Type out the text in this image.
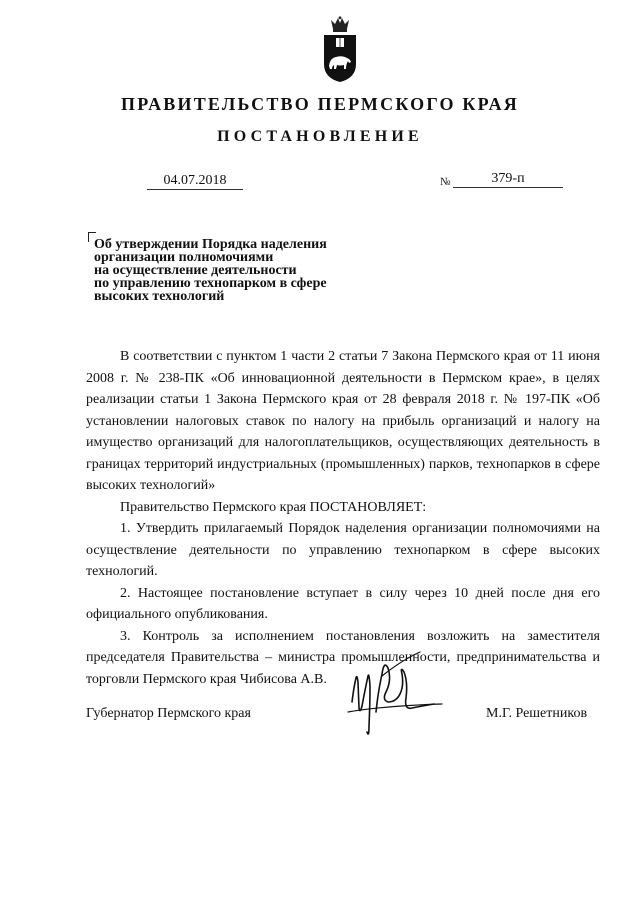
ПРАВИТЕЛЬСТВО ПЕРМСКОГО КРАЯ
ПОСТАНОВЛЕНИЕ
04.07.2018	№	379-п
Об утверждении Порядка наделения
организации полномочиями
на осуществление деятельности
по управлению технопарком в сфере
высоких технологий

В соответствии с пунктом 1 части 2 статьи 7 Закона Пермского края от 11 июня 2008 г. № 238-ПК «Об инновационной деятельности в Пермском крае», в целях реализации статьи 1 Закона Пермского края от 28 февраля 2018 г. № 197-ПК «Об установлении налоговых ставок по налогу на прибыль организаций и налогу на имущество организаций для налогоплательщиков, осуществляющих деятельность в границах территорий индустриальных (промышленных) парков, технопарков в сфере высоких технологий»

Правительство Пермского края ПОСТАНОВЛЯЕТ:

1. Утвердить прилагаемый Порядок наделения организации полномочиями на осуществление деятельности по управлению технопарком в сфере высоких технологий.

2. Настоящее постановление вступает в силу через 10 дней после дня его официального опубликования.

3. Контроль за исполнением постановления возложить на заместителя председателя Правительства – министра промышленности, предпринимательства и торговли Пермского края Чибисова А.В.

Губернатор Пермского края	М.Г. Решетников
